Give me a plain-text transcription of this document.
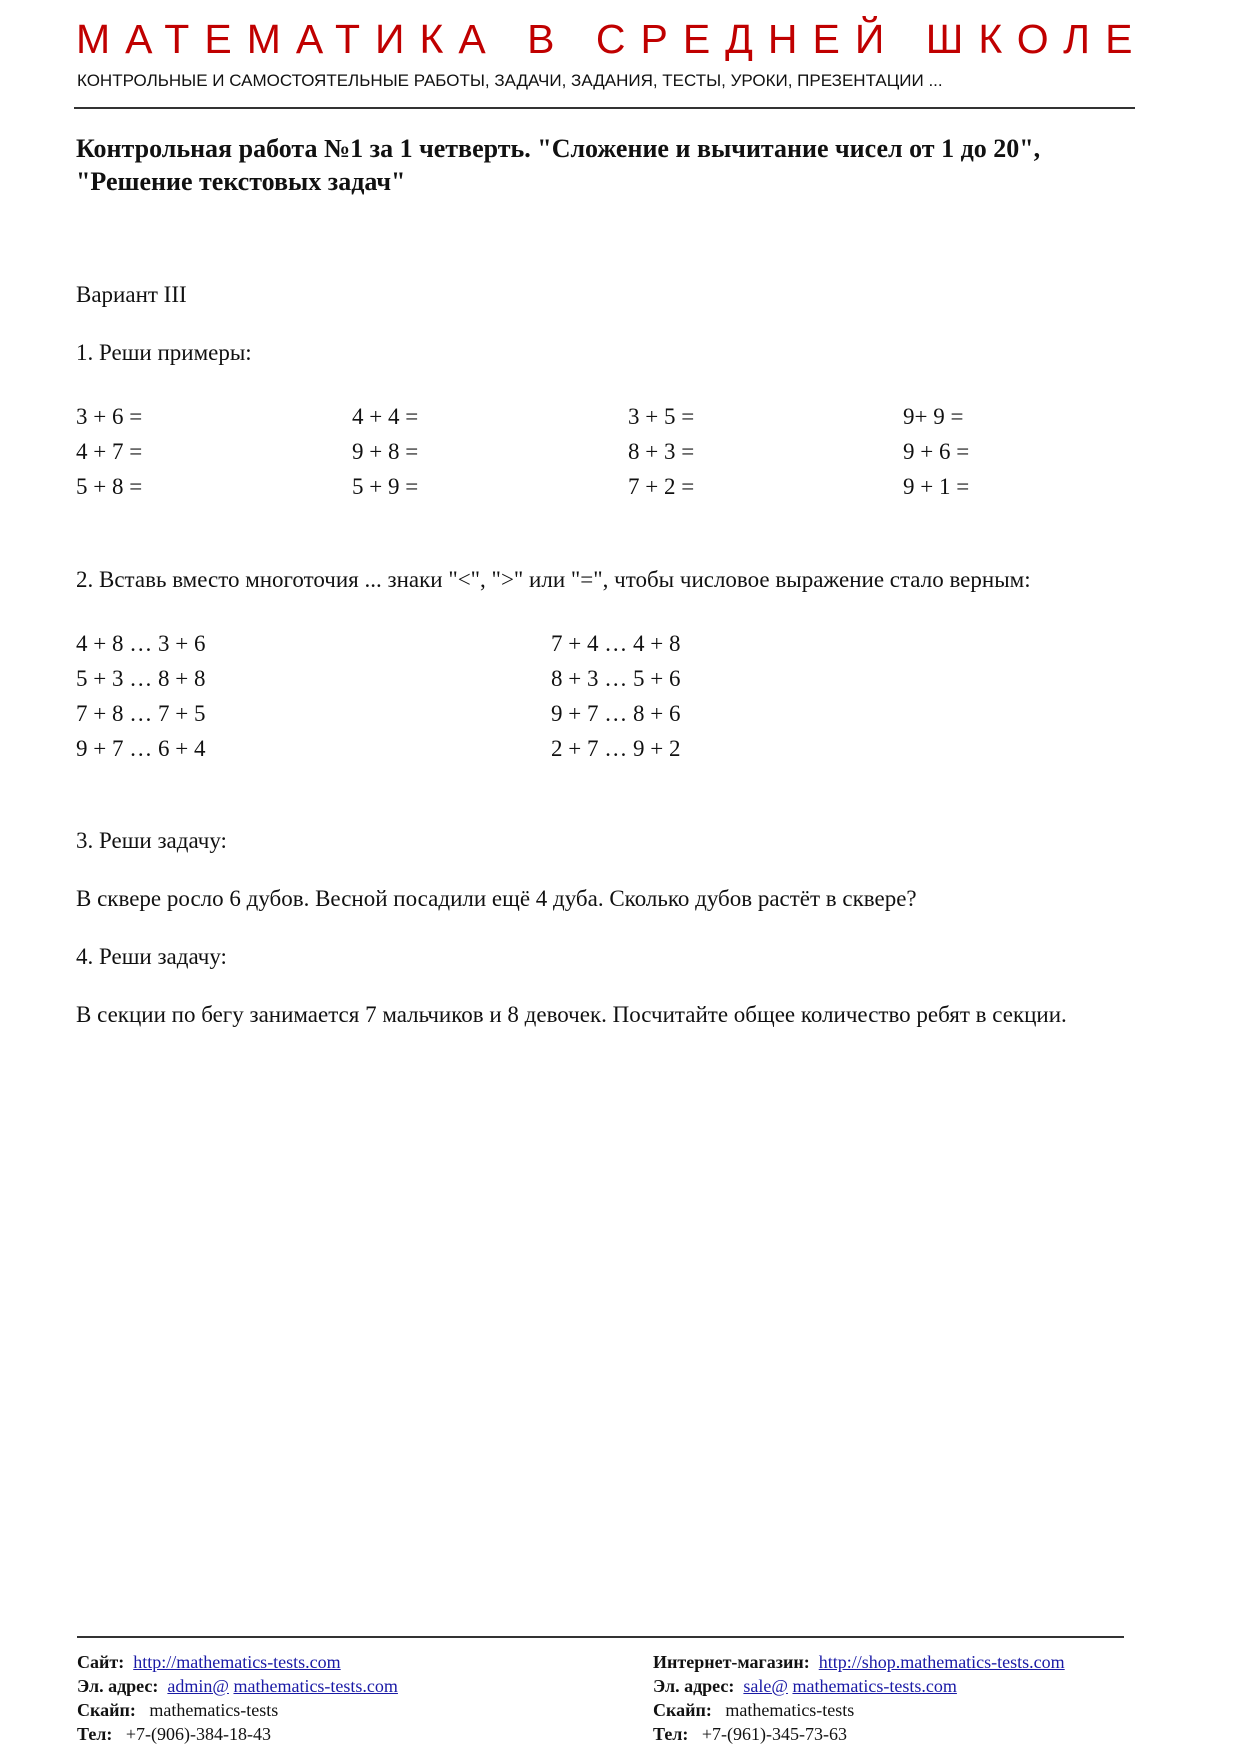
МАТЕМАТИКА В СРЕДНЕЙ ШКОЛЕ
КОНТРОЛЬНЫЕ И САМОСТОЯТЕЛЬНЫЕ РАБОТЫ, ЗАДАЧИ, ЗАДАНИЯ, ТЕСТЫ, УРОКИ, ПРЕЗЕНТАЦИИ ...
Контрольная работа №1 за 1 четверть. "Сложение и вычитание чисел от 1 до 20",
"Решение текстовых задач"
Вариант III
1. Реши примеры:
3 + 6 =
4 + 7 =
5 + 8 =
4 + 4 =
9 + 8 =
5 + 9 =
3 + 5 =
8 + 3 =
7 + 2 =
9+ 9 =
9 + 6 =
9 + 1 =
2. Вставь вместо многоточия ... знаки "<", ">" или "=", чтобы числовое выражение стало верным:
4 + 8 … 3 + 6
5 + 3 … 8 + 8
7 + 8 … 7 + 5
9 + 7 … 6 + 4
7 + 4 … 4 + 8
8 + 3 … 5 + 6
9 + 7 … 8 + 6
2 + 7 … 9 + 2
3. Реши задачу:
В сквере росло 6 дубов. Весной посадили ещё 4 дуба. Сколько дубов растёт в сквере?
4. Реши задачу:
В секции по бегу занимается 7 мальчиков и 8 девочек. Посчитайте общее количество ребят в секции.
Сайт: http://mathematics-tests.com
Эл. адрес: admin@ mathematics-tests.com
Скайп: mathematics-tests
Тел: +7-(906)-384-18-43
Интернет-магазин: http://shop.mathematics-tests.com
Эл. адрес: sale@ mathematics-tests.com
Скайп: mathematics-tests
Тел: +7-(961)-345-73-63
